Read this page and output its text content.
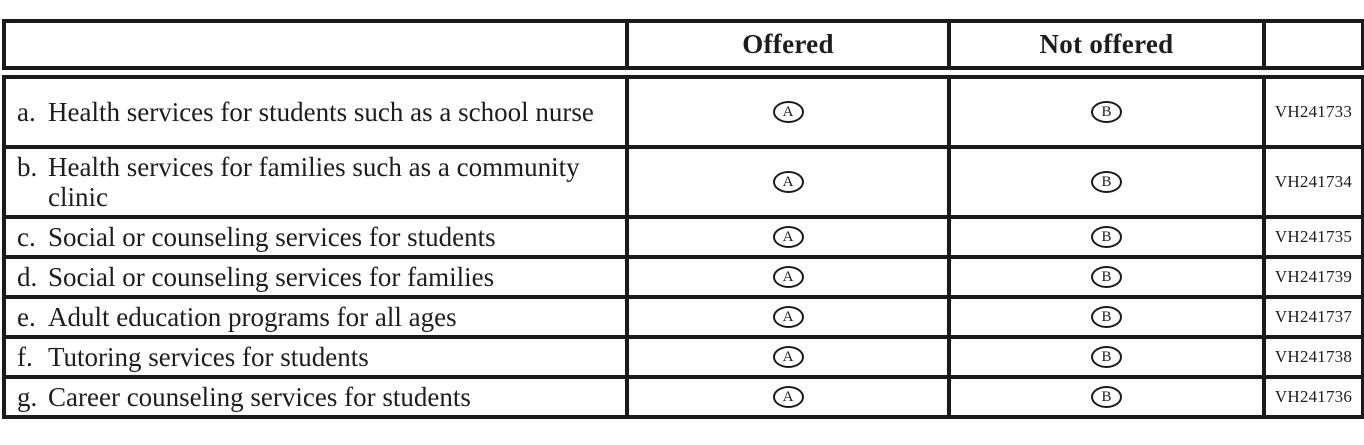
	Offered	Not offered	

a. Health services for students such as a school nurse	A	B	VH241733

b. Health services for families such as a community clinic	A	B	VH241734

c. Social or counseling services for students	A	B	VH241735

d. Social or counseling services for families	A	B	VH241739

e. Adult education programs for all ages	A	B	VH241737

f. Tutoring services for students	A	B	VH241738

g. Career counseling services for students	A	B	VH241736
